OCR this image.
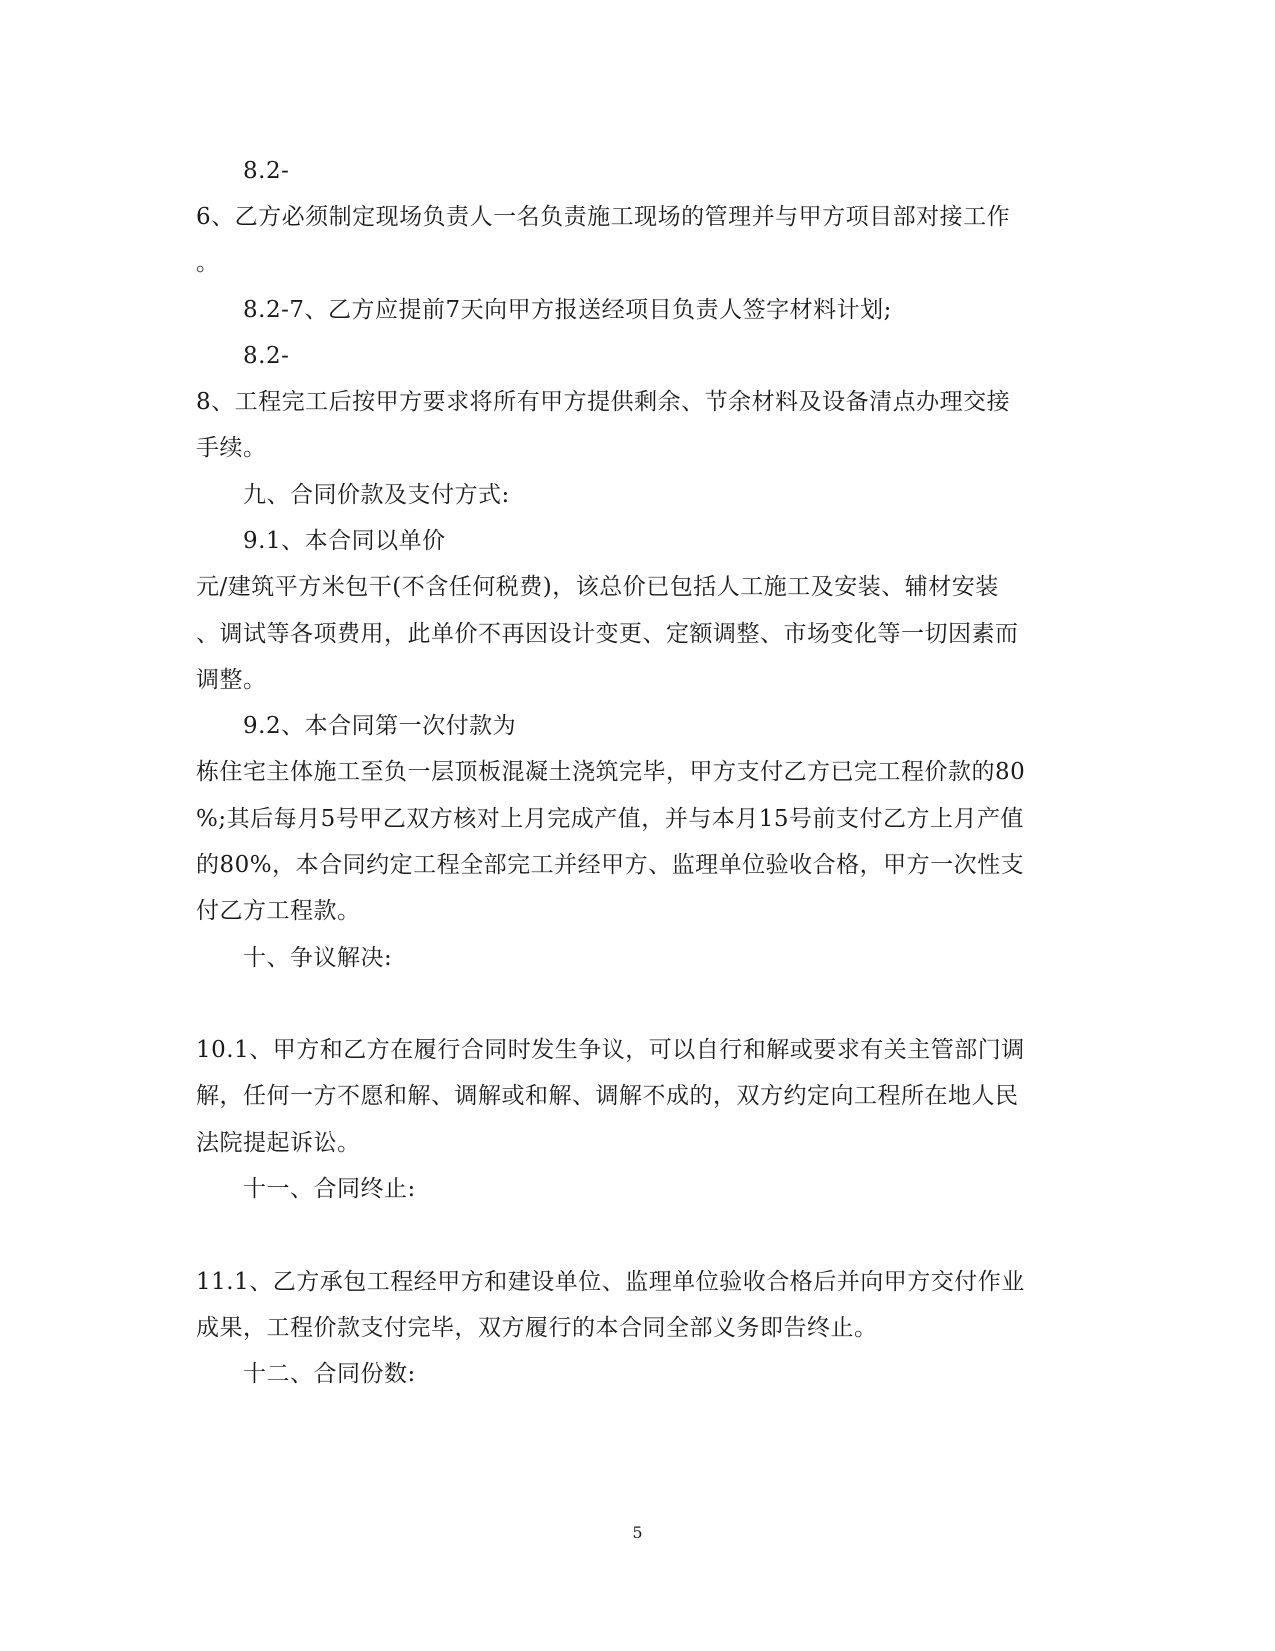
8.2-
6、乙方必须制定现场负责人一名负责施工现场的管理并与甲方项目部对接工作
。
8.2-7、乙方应提前7天向甲方报送经项目负责人签字材料计划;
8.2-
8、工程完工后按甲方要求将所有甲方提供剩余、节余材料及设备清点办理交接
手续。
九、合同价款及支付方式:
9.1、本合同以单价
元/建筑平方米包干(不含任何税费)，该总价已包括人工施工及安装、辅材安装
、调试等各项费用，此单价不再因设计变更、定额调整、市场变化等一切因素而
调整。
9.2、本合同第一次付款为
栋住宅主体施工至负一层顶板混凝土浇筑完毕，甲方支付乙方已完工程价款的80
%;其后每月5号甲乙双方核对上月完成产值，并与本月15号前支付乙方上月产值
的80%，本合同约定工程全部完工并经甲方、监理单位验收合格，甲方一次性支
付乙方工程款。
十、争议解决:
10.1、甲方和乙方在履行合同时发生争议，可以自行和解或要求有关主管部门调
解，任何一方不愿和解、调解或和解、调解不成的，双方约定向工程所在地人民
法院提起诉讼。
十一、合同终止:
11.1、乙方承包工程经甲方和建设单位、监理单位验收合格后并向甲方交付作业
成果，工程价款支付完毕，双方履行的本合同全部义务即告终止。
十二、合同份数:
5
